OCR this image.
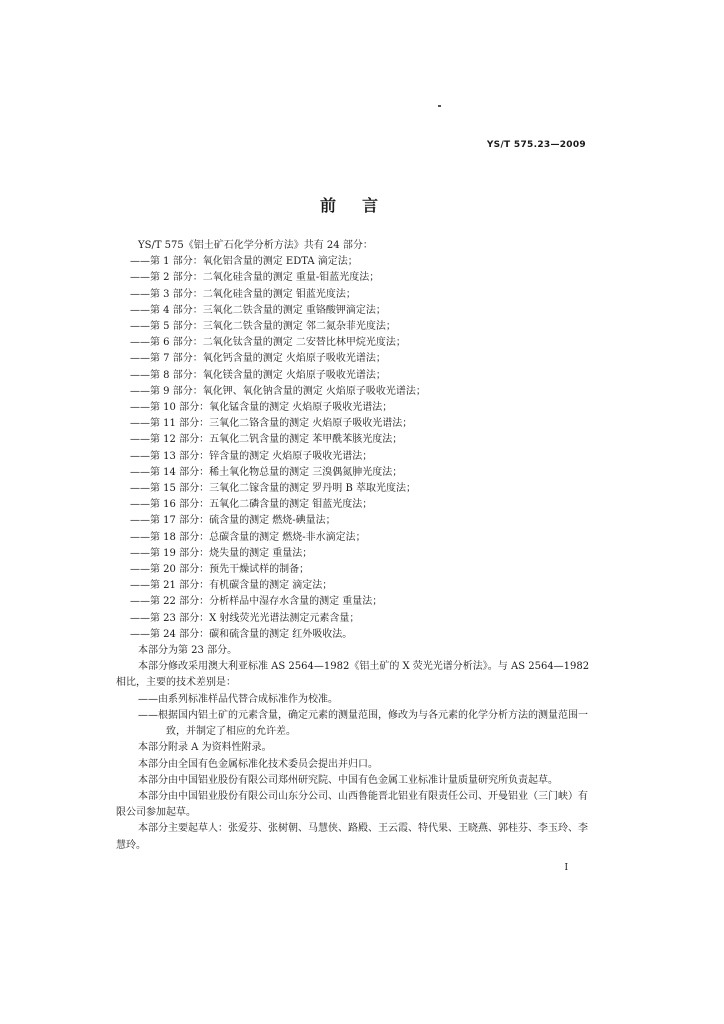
YS/T 575.23—2009
前言
YS/T 575《铝土矿石化学分析方法》共有 24 部分：
——第 1 部分：氧化铝含量的测定 EDTA 滴定法；
——第 2 部分：二氧化硅含量的测定 重量-钼蓝光度法；
——第 3 部分：二氧化硅含量的测定 钼蓝光度法；
——第 4 部分：三氧化二铁含量的测定 重铬酸钾滴定法；
——第 5 部分：三氧化二铁含量的测定 邻二氮杂菲光度法；
——第 6 部分：二氧化钛含量的测定 二安替比林甲烷光度法；
——第 7 部分：氧化钙含量的测定 火焰原子吸收光谱法；
——第 8 部分：氧化镁含量的测定 火焰原子吸收光谱法；
——第 9 部分：氧化钾、氧化钠含量的测定 火焰原子吸收光谱法；
——第 10 部分：氧化锰含量的测定 火焰原子吸收光谱法；
——第 11 部分：三氧化二铬含量的测定 火焰原子吸收光谱法；
——第 12 部分：五氧化二钒含量的测定 苯甲酰苯胲光度法；
——第 13 部分：锌含量的测定 火焰原子吸收光谱法；
——第 14 部分：稀土氧化物总量的测定 三溴偶氮胂光度法；
——第 15 部分：三氧化二镓含量的测定 罗丹明 B 萃取光度法；
——第 16 部分：五氧化二磷含量的测定 钼蓝光度法；
——第 17 部分：硫含量的测定 燃烧-碘量法；
——第 18 部分：总碳含量的测定 燃烧-非水滴定法；
——第 19 部分：烧失量的测定 重量法；
——第 20 部分：预先干燥试样的制备；
——第 21 部分：有机碳含量的测定 滴定法；
——第 22 部分：分析样品中湿存水含量的测定 重量法；
——第 23 部分：X 射线荧光光谱法测定元素含量；
——第 24 部分：碳和硫含量的测定 红外吸收法。
本部分为第 23 部分。
本部分修改采用澳大利亚标准 AS 2564—1982《铝土矿的 X 荧光光谱分析法》。与 AS 2564—1982 相比，主要的技术差别是：
——由系列标准样品代替合成标准作为校准。
——根据国内铝土矿的元素含量，确定元素的测量范围，修改为与各元素的化学分析方法的测量范围一致，并制定了相应的允许差。
本部分附录 A 为资料性附录。
本部分由全国有色金属标准化技术委员会提出并归口。
本部分由中国铝业股份有限公司郑州研究院、中国有色金属工业标准计量质量研究所负责起草。
本部分由中国铝业股份有限公司山东分公司、山西鲁能晋北铝业有限责任公司、开曼铝业（三门峡）有限公司参加起草。
本部分主要起草人：张爱芬、张树朝、马慧侠、路殿、王云霞、特代果、王晓燕、郭桂芬、李玉玲、李慧玲。
I
